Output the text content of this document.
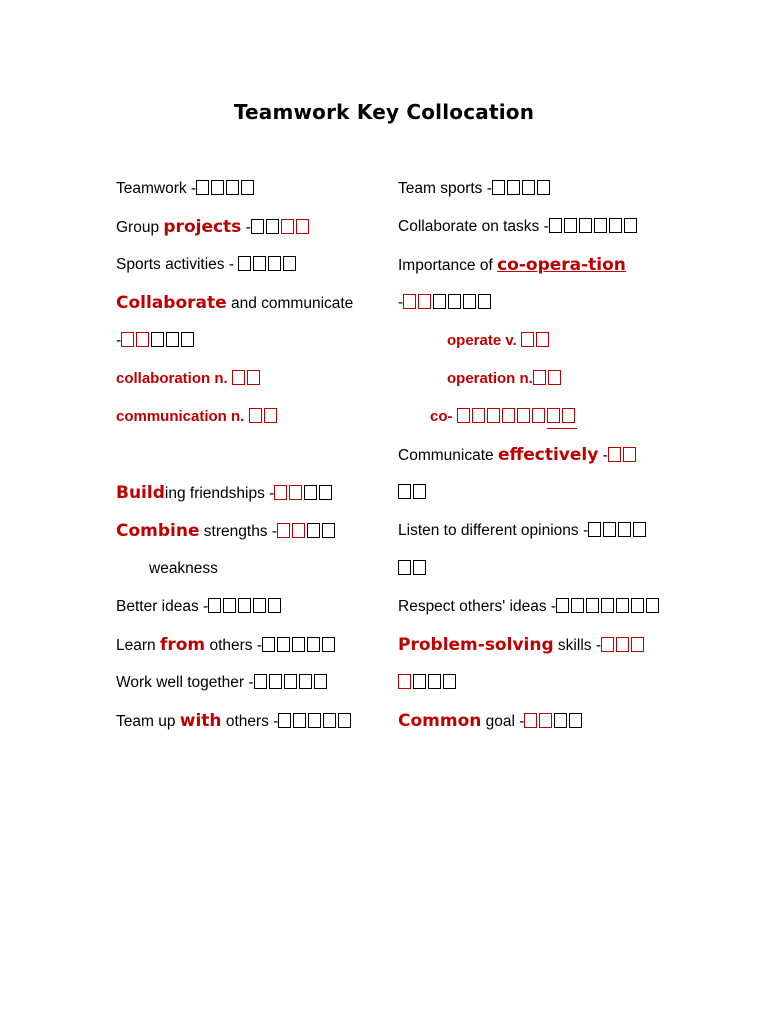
Teamwork Key Collocation
Teamwork -
Group projects -
Sports activities -
Collaborate and communicate
-
collaboration n.
communication n.
Building friendships -
Combine strengths -
weakness
Better ideas -
Learn from others -
Work well together -
Team up with others -
Team sports -
Collaborate on tasks -
Importance of co-opera-tion
-
operate v.
operation n.
co-
Communicate effectively -
Listen to different opinions -
Respect others' ideas -
Problem-solving skills -
Common goal -
